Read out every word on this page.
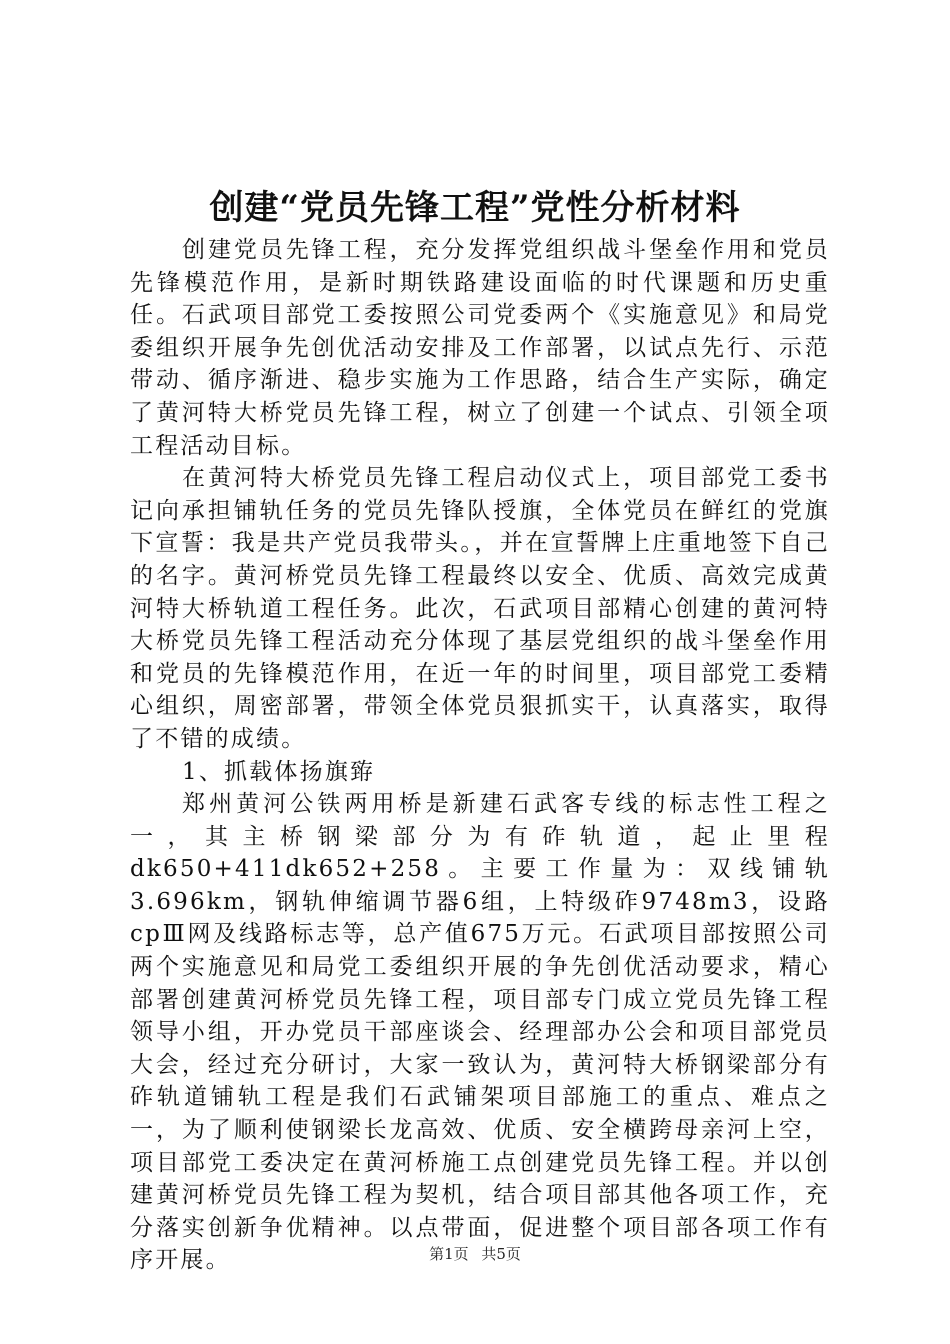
创建“党员先锋工程”党性分析材料

创建党员先锋工程，充分发挥党组织战斗堡垒作用和党员先锋模范作用，是新时期铁路建设面临的时代课题和历史重任。石武项目部党工委按照公司党委两个《实施意见》和局党委组织开展争先创优活动安排及工作部署，以试点先行、示范带动、循序渐进、稳步实施为工作思路，结合生产实际，确定了黄河特大桥党员先锋工程，树立了创建一个试点、引领全项工程活动目标。

在黄河特大桥党员先锋工程启动仪式上，项目部党工委书记向承担铺轨任务的党员先锋队授旗，全体党员在鲜红的党旗下宣誓：我是共产党员我带头。，并在宣誓牌上庄重地签下自己的名字。黄河桥党员先锋工程最终以安全、优质、高效完成黄河特大桥轨道工程任务。此次，石武项目部精心创建的黄河特大桥党员先锋工程活动充分体现了基层党组织的战斗堡垒作用和党员的先锋模范作用，在近一年的时间里，项目部党工委精心组织，周密部署，带领全体党员狠抓实干，认真落实，取得了不错的成绩。

1、抓载体扬旗臶

郑州黄河公铁两用桥是新建石武客专线的标志性工程之一，其主桥钢梁部分为有砟轨道，起止里程dk650+411dk652+258。主要工作量为：双线铺轨3.696km，钢轨伸缩调节器6组，上特级砟9748m3，设路cpⅢ网及线路标志等，总产值675万元。石武项目部按照公司两个实施意见和局党工委组织开展的争先创优活动要求，精心部署创建黄河桥党员先锋工程，项目部专门成立党员先锋工程领导小组，开办党员干部座谈会、经理部办公会和项目部党员大会，经过充分研讨，大家一致认为，黄河特大桥钢梁部分有砟轨道铺轨工程是我们石武铺架项目部施工的重点、难点之一，为了顺利使钢梁长龙高效、优质、安全横跨母亲河上空，项目部党工委决定在黄河桥施工点创建党员先锋工程。并以创建黄河桥党员先锋工程为契机，结合项目部其他各项工作，充分落实创新争优精神。以点带面，促进整个项目部各项工作有序开展。	第1页 共5页
